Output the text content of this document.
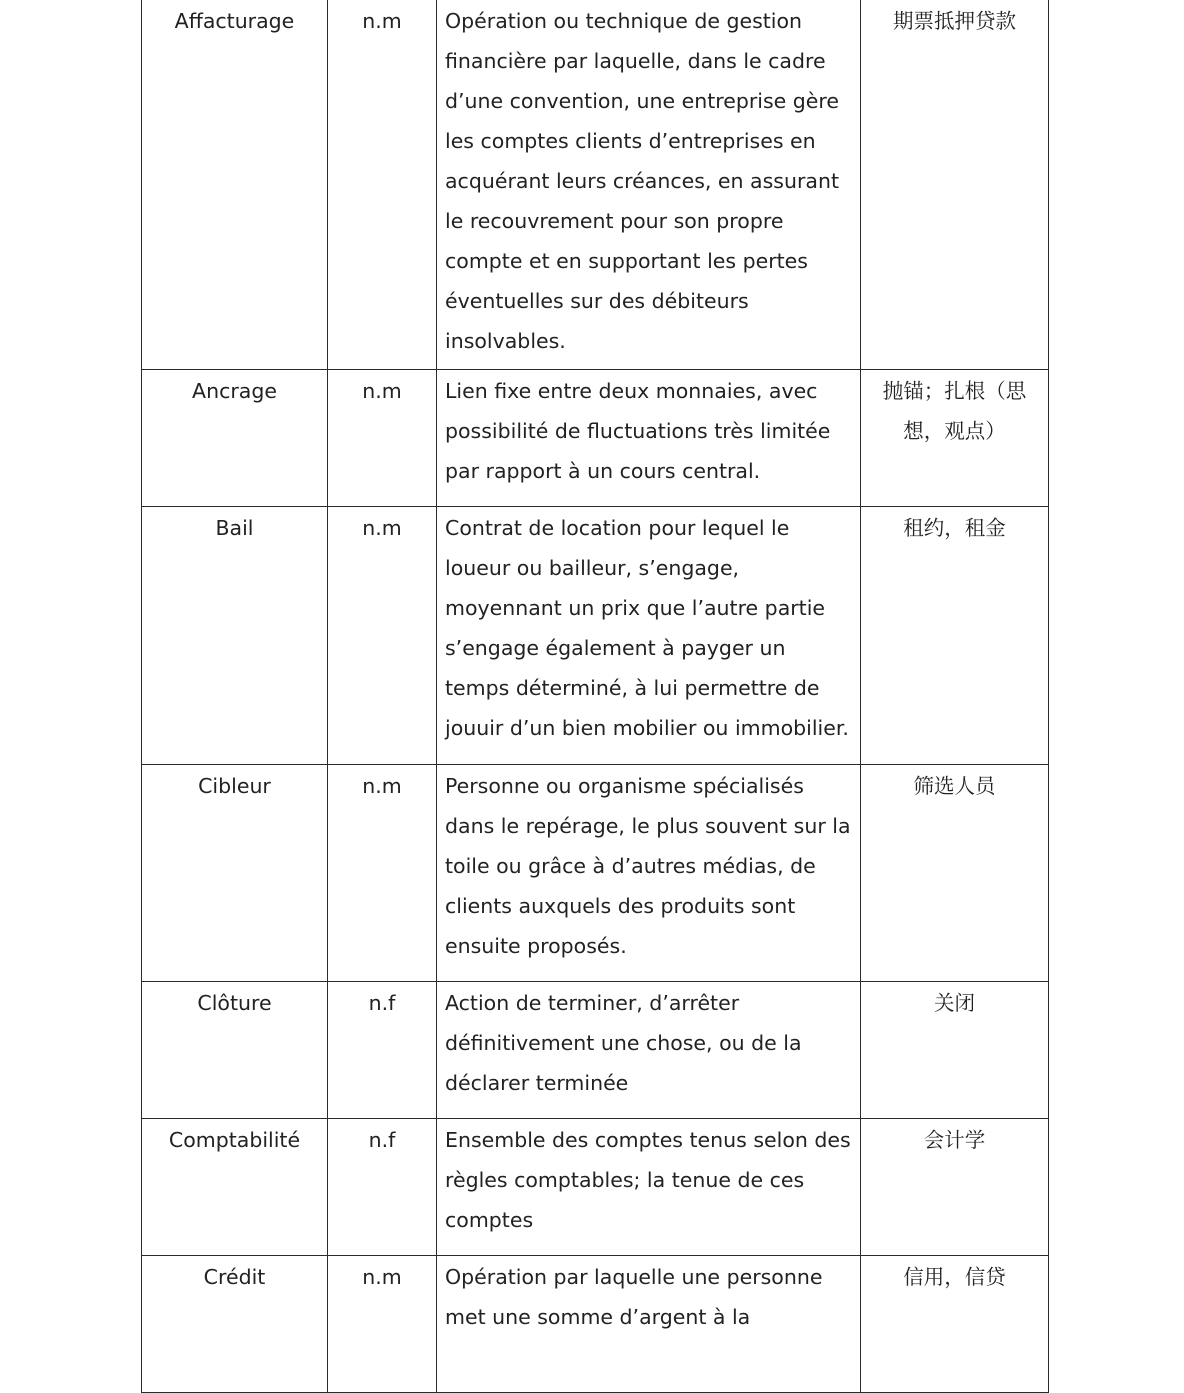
Affacturage	n.m	Opération ou technique de gestion financière par laquelle, dans le cadre d’une convention, une entreprise gère les comptes clients d’entreprises en acquérant leurs créances, en assurant le recouvrement pour son propre compte et en supportant les pertes éventuelles sur des débiteurs insolvables.	期票抵押贷款
Ancrage	n.m	Lien fixe entre deux monnaies, avec possibilité de fluctuations très limitée par rapport à un cours central.	抛锚；扎根（思想，观点）
Bail	n.m	Contrat de location pour lequel le loueur ou bailleur, s’engage, moyennant un prix que l’autre partie s’engage également à payger un temps déterminé, à lui permettre de jouuir d’un bien mobilier ou immobilier.	租约，租金
Cibleur	n.m	Personne ou organisme spécialisés dans le repérage, le plus souvent sur la toile ou grâce à d’autres médias, de clients auxquels des produits sont ensuite proposés.	筛选人员
Clôture	n.f	Action de terminer, d’arrêter définitivement une chose, ou de la déclarer terminée	关闭
Comptabilité	n.f	Ensemble des comptes tenus selon des règles comptables; la tenue de ces comptes	会计学
Crédit	n.m	Opération par laquelle une personne met une somme d’argent à la	信用，信贷
